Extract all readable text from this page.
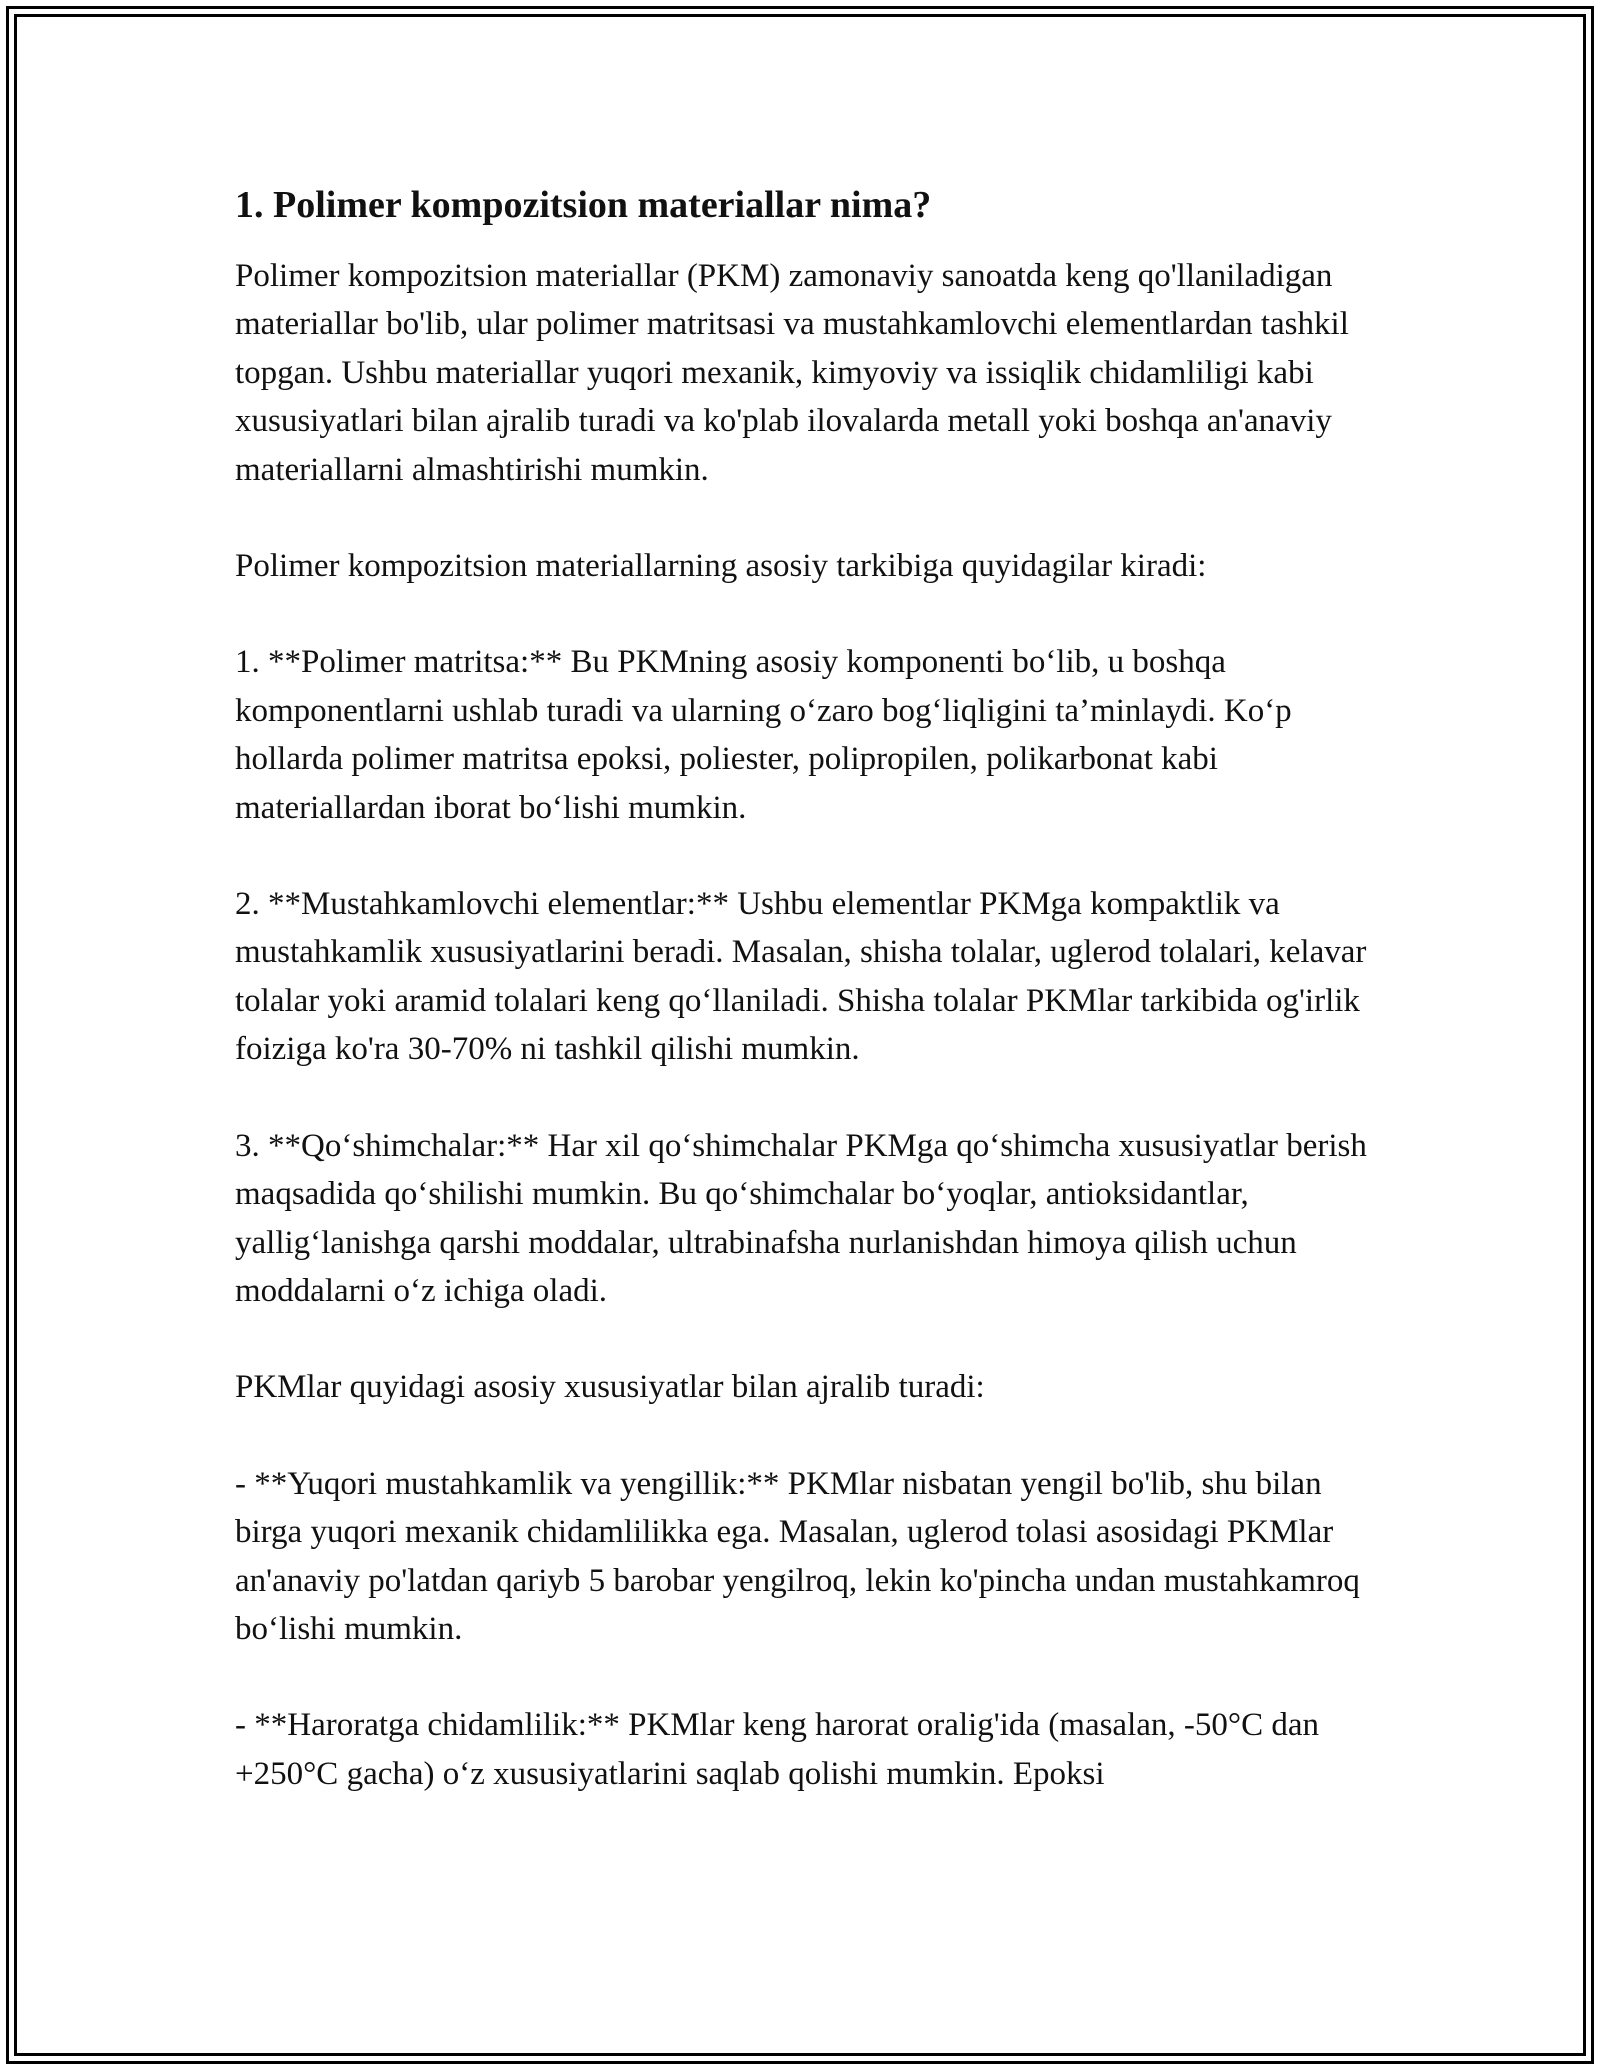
1. Polimer kompozitsion materiallar nima?

Polimer kompozitsion materiallar (PKM) zamonaviy sanoatda keng qo'llaniladigan materiallar bo'lib, ular polimer matritsasi va mustahkamlovchi elementlardan tashkil topgan. Ushbu materiallar yuqori mexanik, kimyoviy va issiqlik chidamliligi kabi xususiyatlari bilan ajralib turadi va ko'plab ilovalarda metall yoki boshqa an'anaviy materiallarni almashtirishi mumkin.

Polimer kompozitsion materiallarning asosiy tarkibiga quyidagilar kiradi:

1. **Polimer matritsa:** Bu PKMning asosiy komponenti bo‘lib, u boshqa komponentlarni ushlab turadi va ularning o‘zaro bog‘liqligini ta’minlaydi. Ko‘p hollarda polimer matritsa epoksi, poliester, polipropilen, polikarbonat kabi materiallardan iborat bo‘lishi mumkin.

2. **Mustahkamlovchi elementlar:** Ushbu elementlar PKMga kompaktlik va mustahkamlik xususiyatlarini beradi. Masalan, shisha tolalar, uglerod tolalari, kelavar tolalar yoki aramid tolalari keng qo‘llaniladi. Shisha tolalar PKMlar tarkibida og'irlik foiziga ko'ra 30-70% ni tashkil qilishi mumkin.

3. **Qo‘shimchalar:** Har xil qo‘shimchalar PKMga qo‘shimcha xususiyatlar berish maqsadida qo‘shilishi mumkin. Bu qo‘shimchalar bo‘yoqlar, antioksidantlar, yallig‘lanishga qarshi moddalar, ultrabinafsha nurlanishdan himoya qilish uchun moddalarni o‘z ichiga oladi.

PKMlar quyidagi asosiy xususiyatlar bilan ajralib turadi:

- **Yuqori mustahkamlik va yengillik:** PKMlar nisbatan yengil bo'lib, shu bilan birga yuqori mexanik chidamlilikka ega. Masalan, uglerod tolasi asosidagi PKMlar an'anaviy po'latdan qariyb 5 barobar yengilroq, lekin ko'pincha undan mustahkamroq bo‘lishi mumkin.

- **Haroratga chidamlilik:** PKMlar keng harorat oralig'ida (masalan, -50°C dan +250°C gacha) o‘z xususiyatlarini saqlab qolishi mumkin. Epoksi
